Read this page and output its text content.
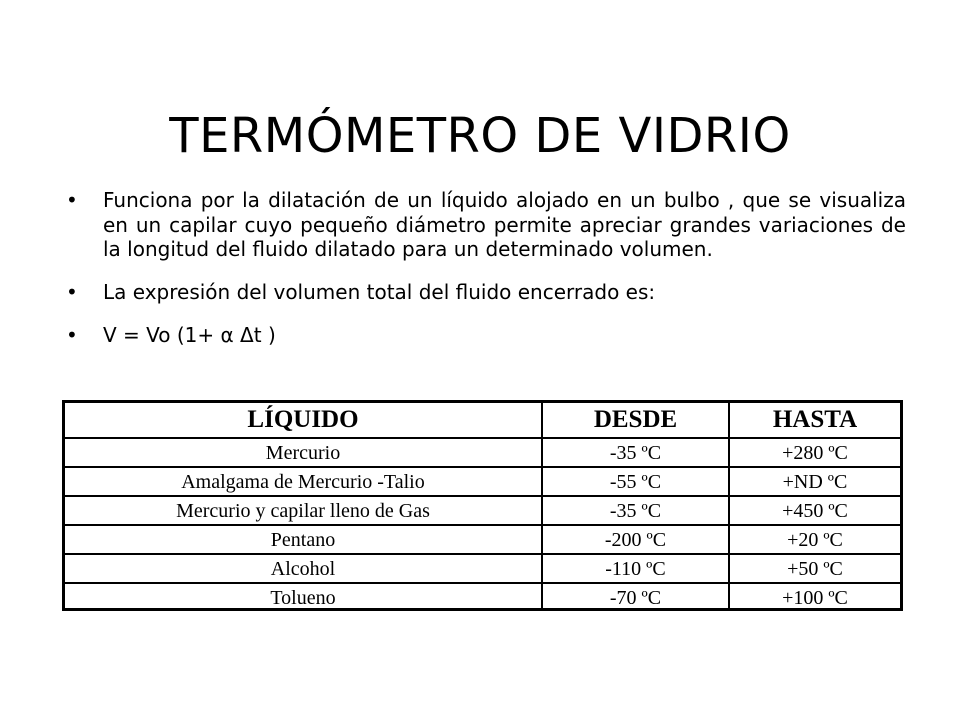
TERMÓMETRO DE VIDRIO
• Funciona por la dilatación de un líquido alojado en un bulbo , que se visualiza en un capilar cuyo pequeño diámetro permite apreciar grandes variaciones de la longitud del fluido dilatado para un determinado volumen.
• La expresión del volumen total del fluido encerrado es:
• V = Vo (1+ α Δt )
LÍQUIDO	DESDE	HASTA
Mercurio	-35 ºC	+280 ºC
Amalgama de Mercurio -Talio	-55 ºC	+ND ºC
Mercurio y capilar lleno de Gas	-35 ºC	+450 ºC
Pentano	-200 ºC	+20 ºC
Alcohol	-110 ºC	+50 ºC
Tolueno	-70 ºC	+100 ºC
